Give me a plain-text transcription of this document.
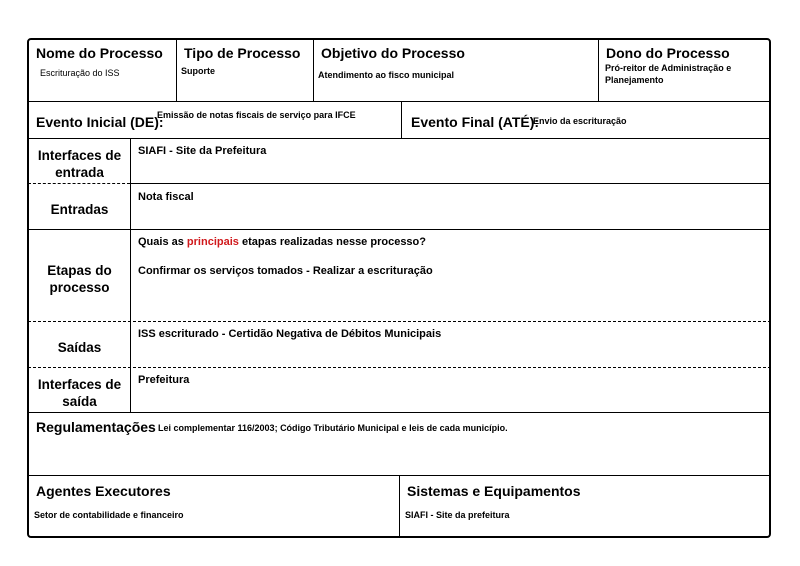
Nome do Processo
Escrituração do ISS
Tipo de Processo
Suporte
Objetivo do Processo
Atendimento ao fisco municipal
Dono do Processo
Pró-reitor de Administração e
Planejamento
Evento Inicial (DE):
Emissão de notas fiscais de serviço para IFCE	Evento Final (ATÉ):
Envio da escrituração
Interfaces de
entrada
SIAFI - Site da Prefeitura
Entradas
Nota fiscal
Etapas do
processo
Quais as principais etapas realizadas nesse processo?
Confirmar os serviços tomados - Realizar a escrituração
Saídas
ISS escriturado - Certidão Negativa de Débitos Municipais
Interfaces de
saída
Prefeitura
Regulamentações Lei complementar 116/2003; Código Tributário Municipal e leis de cada município.
Agentes Executores
Setor de contabilidade e financeiro
Sistemas e Equipamentos
SIAFI - Site da prefeitura
